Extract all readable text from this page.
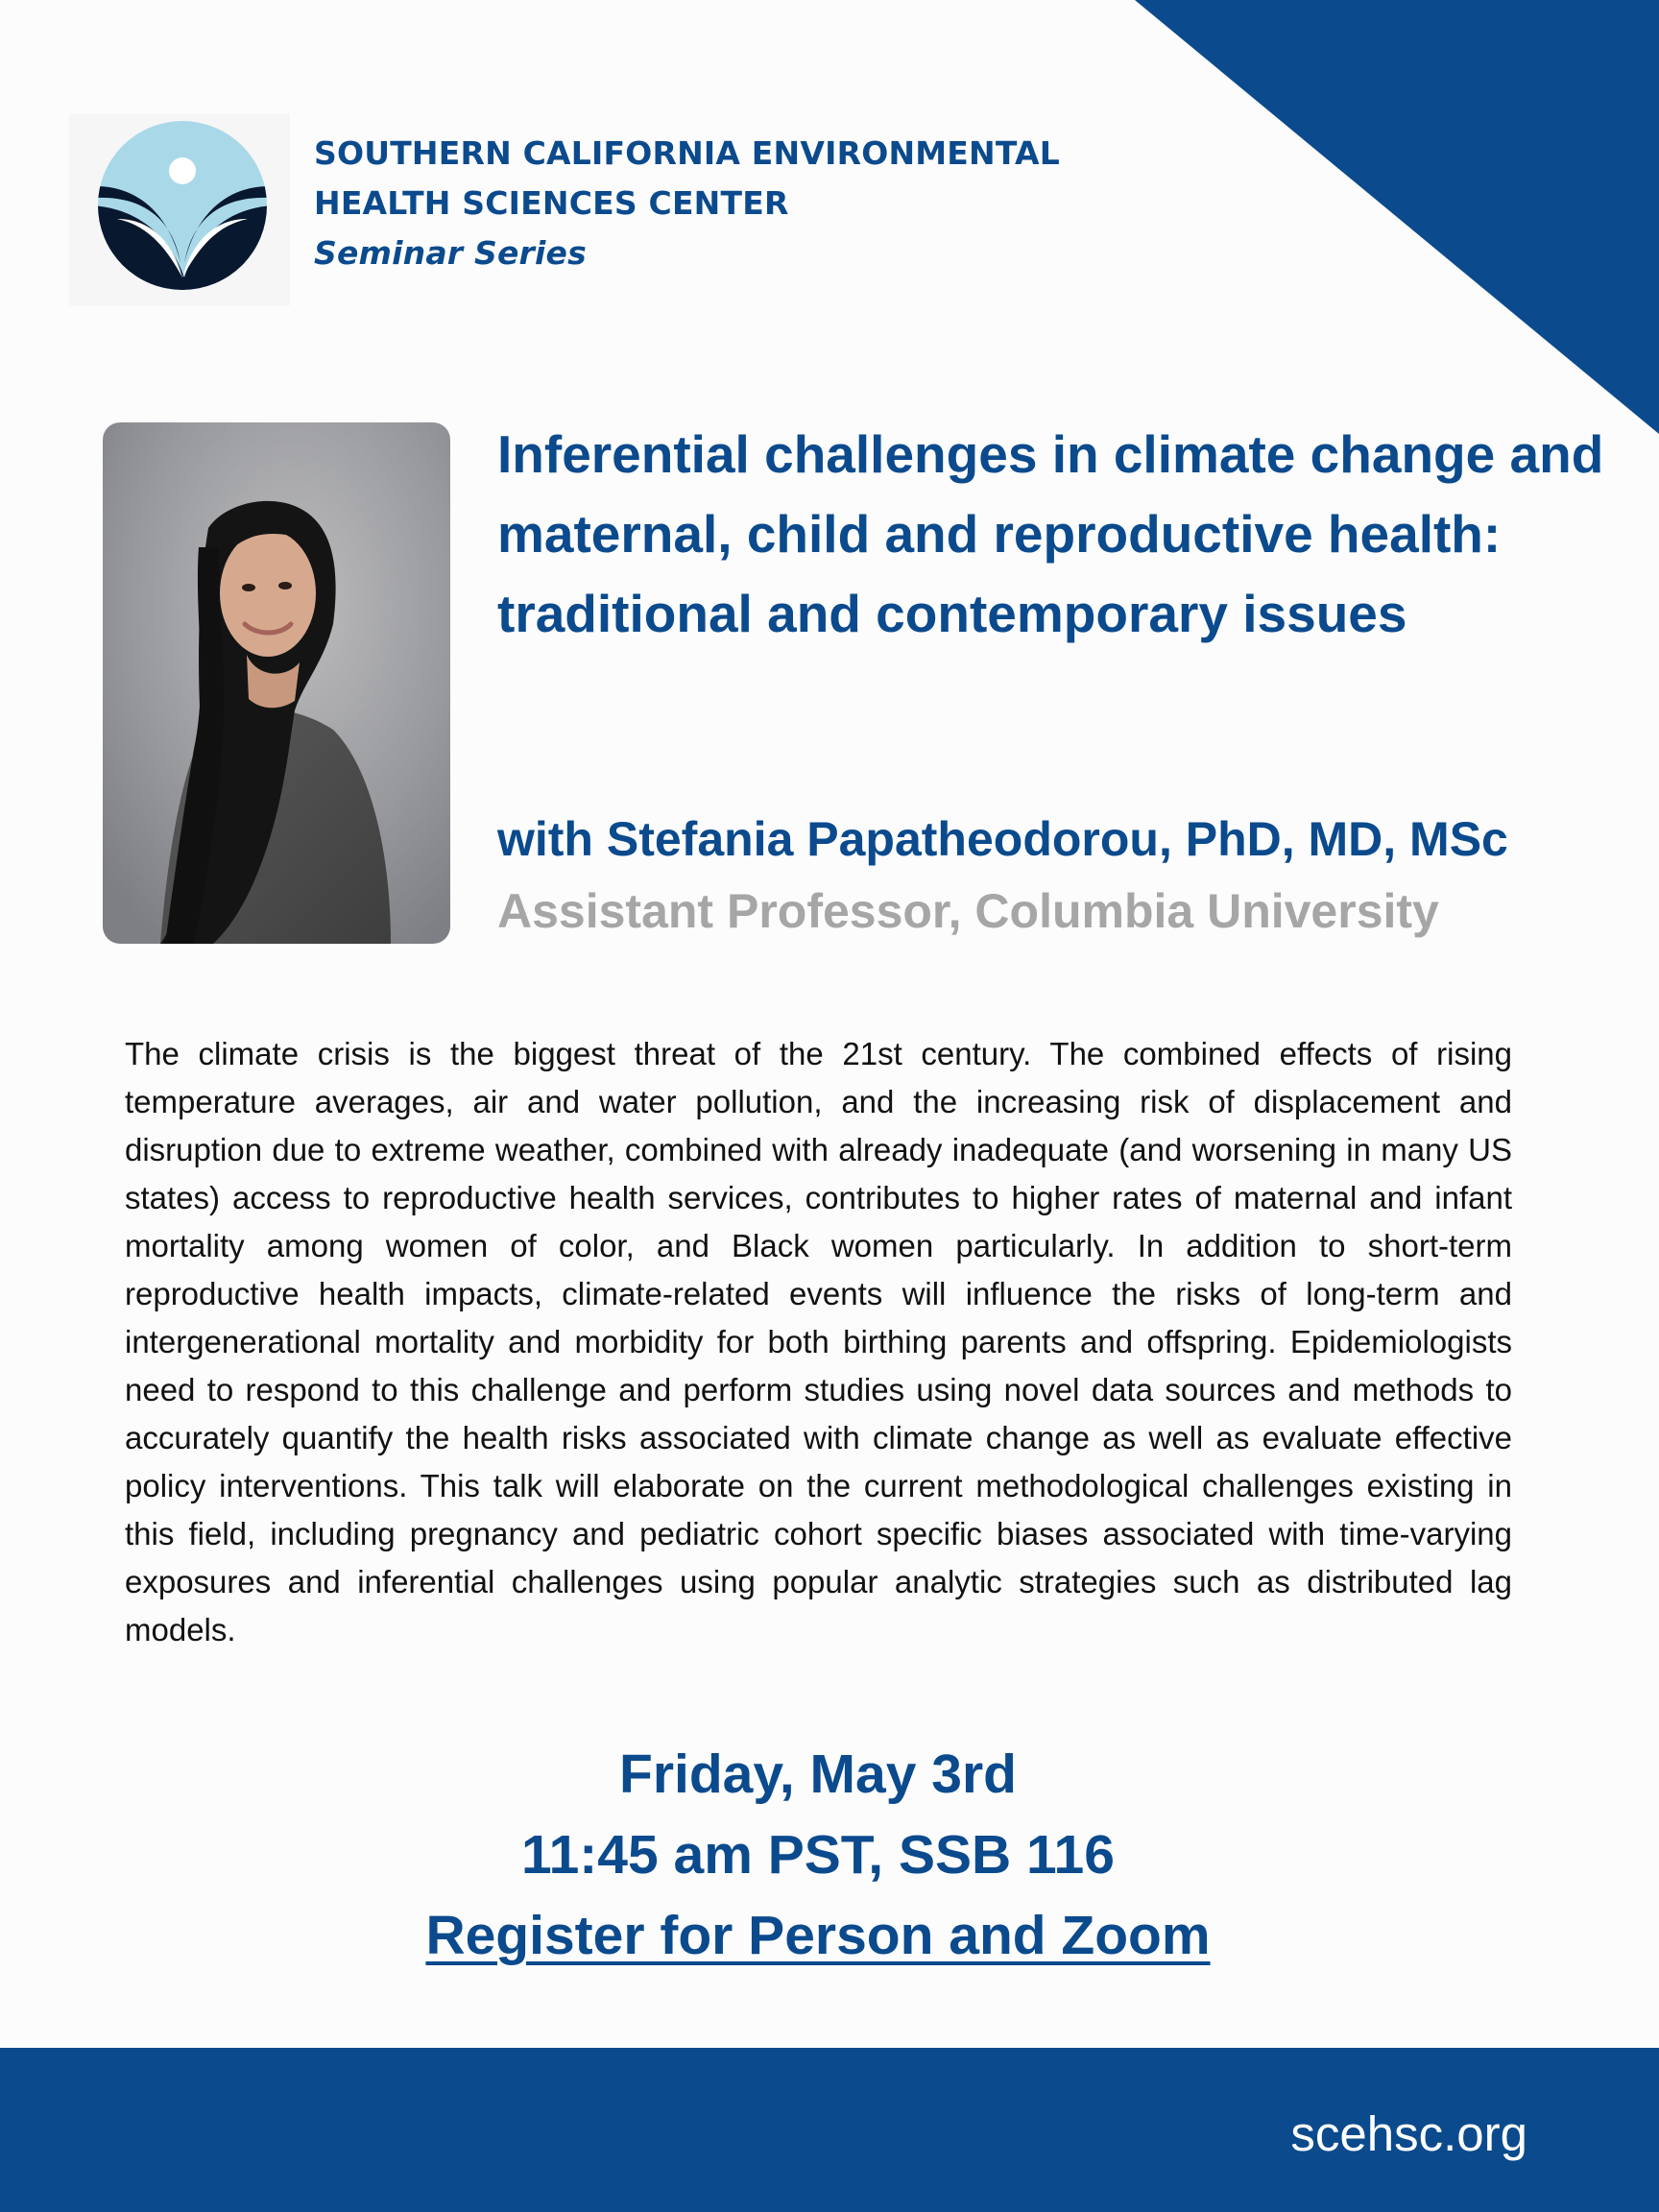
SOUTHERN CALIFORNIA ENVIRONMENTAL
HEALTH SCIENCES CENTER
Seminar Series
Inferential challenges in climate change and maternal, child and reproductive health: traditional and contemporary issues
with Stefania Papatheodorou, PhD, MD, MSc
Assistant Professor, Columbia University

The climate crisis is the biggest threat of the 21st century. The combined effects of rising temperature averages, air and water pollution, and the increasing risk of displacement and disruption due to extreme weather, combined with already inadequate (and worsening in many US states) access to reproductive health services, contributes to higher rates of maternal and infant mortality among women of color, and Black women particularly. In addition to short-term reproductive health impacts, climate-related events will influence the risks of long-term and intergenerational mortality and morbidity for both birthing parents and offspring. Epidemiologists need to respond to this challenge and perform studies using novel data sources and methods to accurately quantify the health risks associated with climate change as well as evaluate effective policy interventions. This talk will elaborate on the current methodological challenges existing in this field, including pregnancy and pediatric cohort specific biases associated with time-varying exposures and inferential challenges using popular analytic strategies such as distributed lag models.

Friday, May 3rd
11:45 am PST, SSB 116
Register for Person and Zoom
scehsc.org
